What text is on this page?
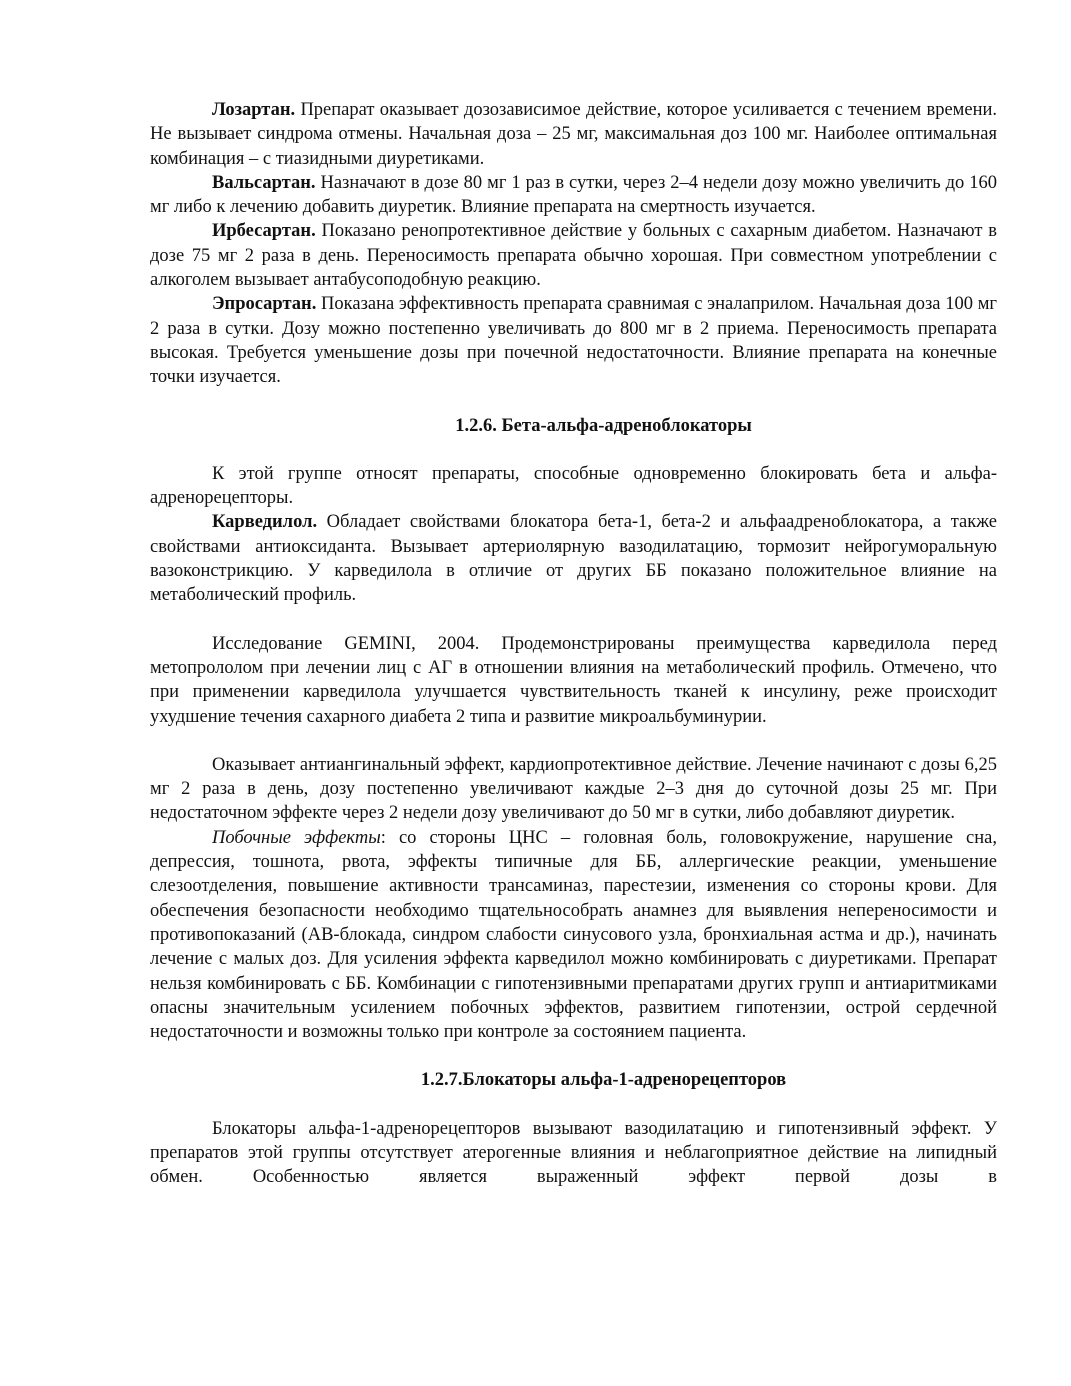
Лозартан. Препарат оказывает дозозависимое действие, которое усиливается с течением времени. Не вызывает синдрома отмены. Начальная доза – 25 мг, максимальная доз 100 мг. Наиболее оптимальная комбинация – с тиазидными диуретиками.

Вальсартан. Назначают в дозе 80 мг 1 раз в сутки, через 2–4 недели дозу можно увеличить до 160 мг либо к лечению добавить диуретик. Влияние препарата на смертность изучается.

Ирбесартан. Показано ренопротективное действие у больных с сахарным диабетом. Назначают в дозе 75 мг 2 раза в день. Переносимость препарата обычно хорошая. При совместном употреблении с алкоголем вызывает антабусоподобную реакцию.

Эпросартан. Показана эффективность препарата сравнимая с эналаприлом. Начальная доза 100 мг 2 раза в сутки. Дозу можно постепенно увеличивать до 800 мг в 2 приема. Переносимость препарата высокая. Требуется уменьшение дозы при почечной недостаточности. Влияние препарата на конечные точки изучается.

1.2.6. Бета-альфа-адреноблокаторы

К этой группе относят препараты, способные одновременно блокировать бета и альфа-адренорецепторы.

Карведилол. Обладает свойствами блокатора бета-1, бета-2 и альфаадреноблокатора, а также свойствами антиоксиданта. Вызывает артериолярную вазодилатацию, тормозит нейрогуморальную вазоконстрикцию. У карведилола в отличие от других ББ показано положительное влияние на метаболический профиль.

Исследование GEMINI, 2004. Продемонстрированы преимущества карведилола перед метопрололом при лечении лиц с АГ в отношении влияния на метаболический профиль. Отмечено, что при применении карведилола улучшается чувствительность тканей к инсулину, реже происходит ухудшение течения сахарного диабета 2 типа и развитие микроальбуминурии.

Оказывает антиангинальный эффект, кардиопротективное действие. Лечение начинают с дозы 6,25 мг 2 раза в день, дозу постепенно увеличивают каждые 2–3 дня до суточной дозы 25 мг. При недостаточном эффекте через 2 недели дозу увеличивают до 50 мг в сутки, либо добавляют диуретик.

Побочные эффекты: со стороны ЦНС – головная боль, головокружение, нарушение сна, депрессия, тошнота, рвота, эффекты типичные для ББ, аллергические реакции, уменьшение слезоотделения, повышение активности трансаминаз, парестезии, изменения со стороны крови. Для обеспечения безопасности необходимо тщательнособрать анамнез для выявления непереносимости и противопоказаний (АВ-блокада, синдром слабости синусового узла, бронхиальная астма и др.), начинать лечение с малых доз. Для усиления эффекта карведилол можно комбинировать с диуретиками. Препарат нельзя комбинировать с ББ. Комбинации с гипотензивными препаратами других групп и антиаритмиками опасны значительным усилением побочных эффектов, развитием гипотензии, острой сердечной недостаточности и возможны только при контроле за состоянием пациента.

1.2.7.Блокаторы альфа-1-адренорецепторов

Блокаторы альфа-1-адренорецепторов вызывают вазодилатацию и гипотензивный эффект. У препаратов этой группы отсутствует атерогенные влияния и неблагоприятное действие на липидный обмен. Особенностью является выраженный эффект первой дозы в
